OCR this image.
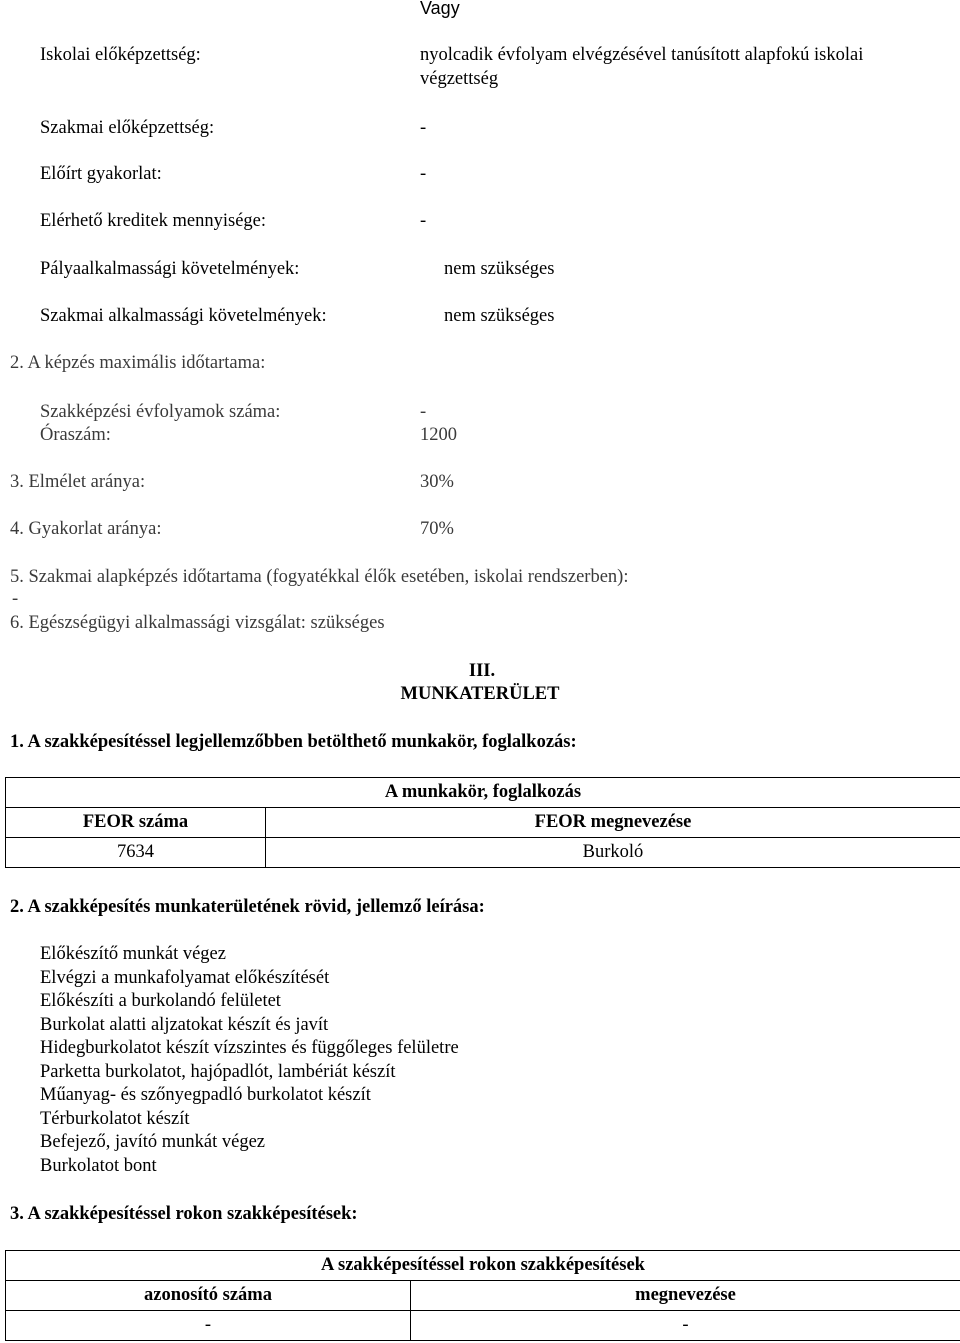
Vagy
Iskolai előképzettség:	nyolcadik évfolyam elvégzésével tanúsított alapfokú iskolai
végzettség
Szakmai előképzettség:	-
Előírt gyakorlat:	-
Elérhető kreditek mennyisége:	-
Pályaalkalmassági követelmények:	nem szükséges
Szakmai alkalmassági követelmények:	nem szükséges
2. A képzés maximális időtartama:
Szakképzési évfolyamok száma:	-
Óraszám:	1200
3. Elmélet aránya:	30%
4. Gyakorlat aránya:	70%
5. Szakmai alapképzés időtartama (fogyatékkal élők esetében, iskolai rendszerben):
-
6. Egészségügyi alkalmassági vizsgálat: szükséges
III.
MUNKATERÜLET
1. A szakképesítéssel legjellemzőbben betölthető munkakör, foglalkozás:
A munkakör, foglalkozás	
FEOR száma	FEOR megnevezése
7634	Burkoló
2. A szakképesítés munkaterületének rövid, jellemző leírása:
Előkészítő munkát végez
Elvégzi a munkafolyamat előkészítését
Előkészíti a burkolandó felületet
Burkolat alatti aljzatokat készít és javít
Hidegburkolatot készít vízszintes és függőleges felületre
Parketta burkolatot, hajópadlót, lambériát készít
Műanyag- és szőnyegpadló burkolatot készít
Térburkolatot készít
Befejező, javító munkát végez
Burkolatot bont
3. A szakképesítéssel rokon szakképesítések:
A szakképesítéssel rokon szakképesítések	
azonosító száma	megnevezése
-	-
